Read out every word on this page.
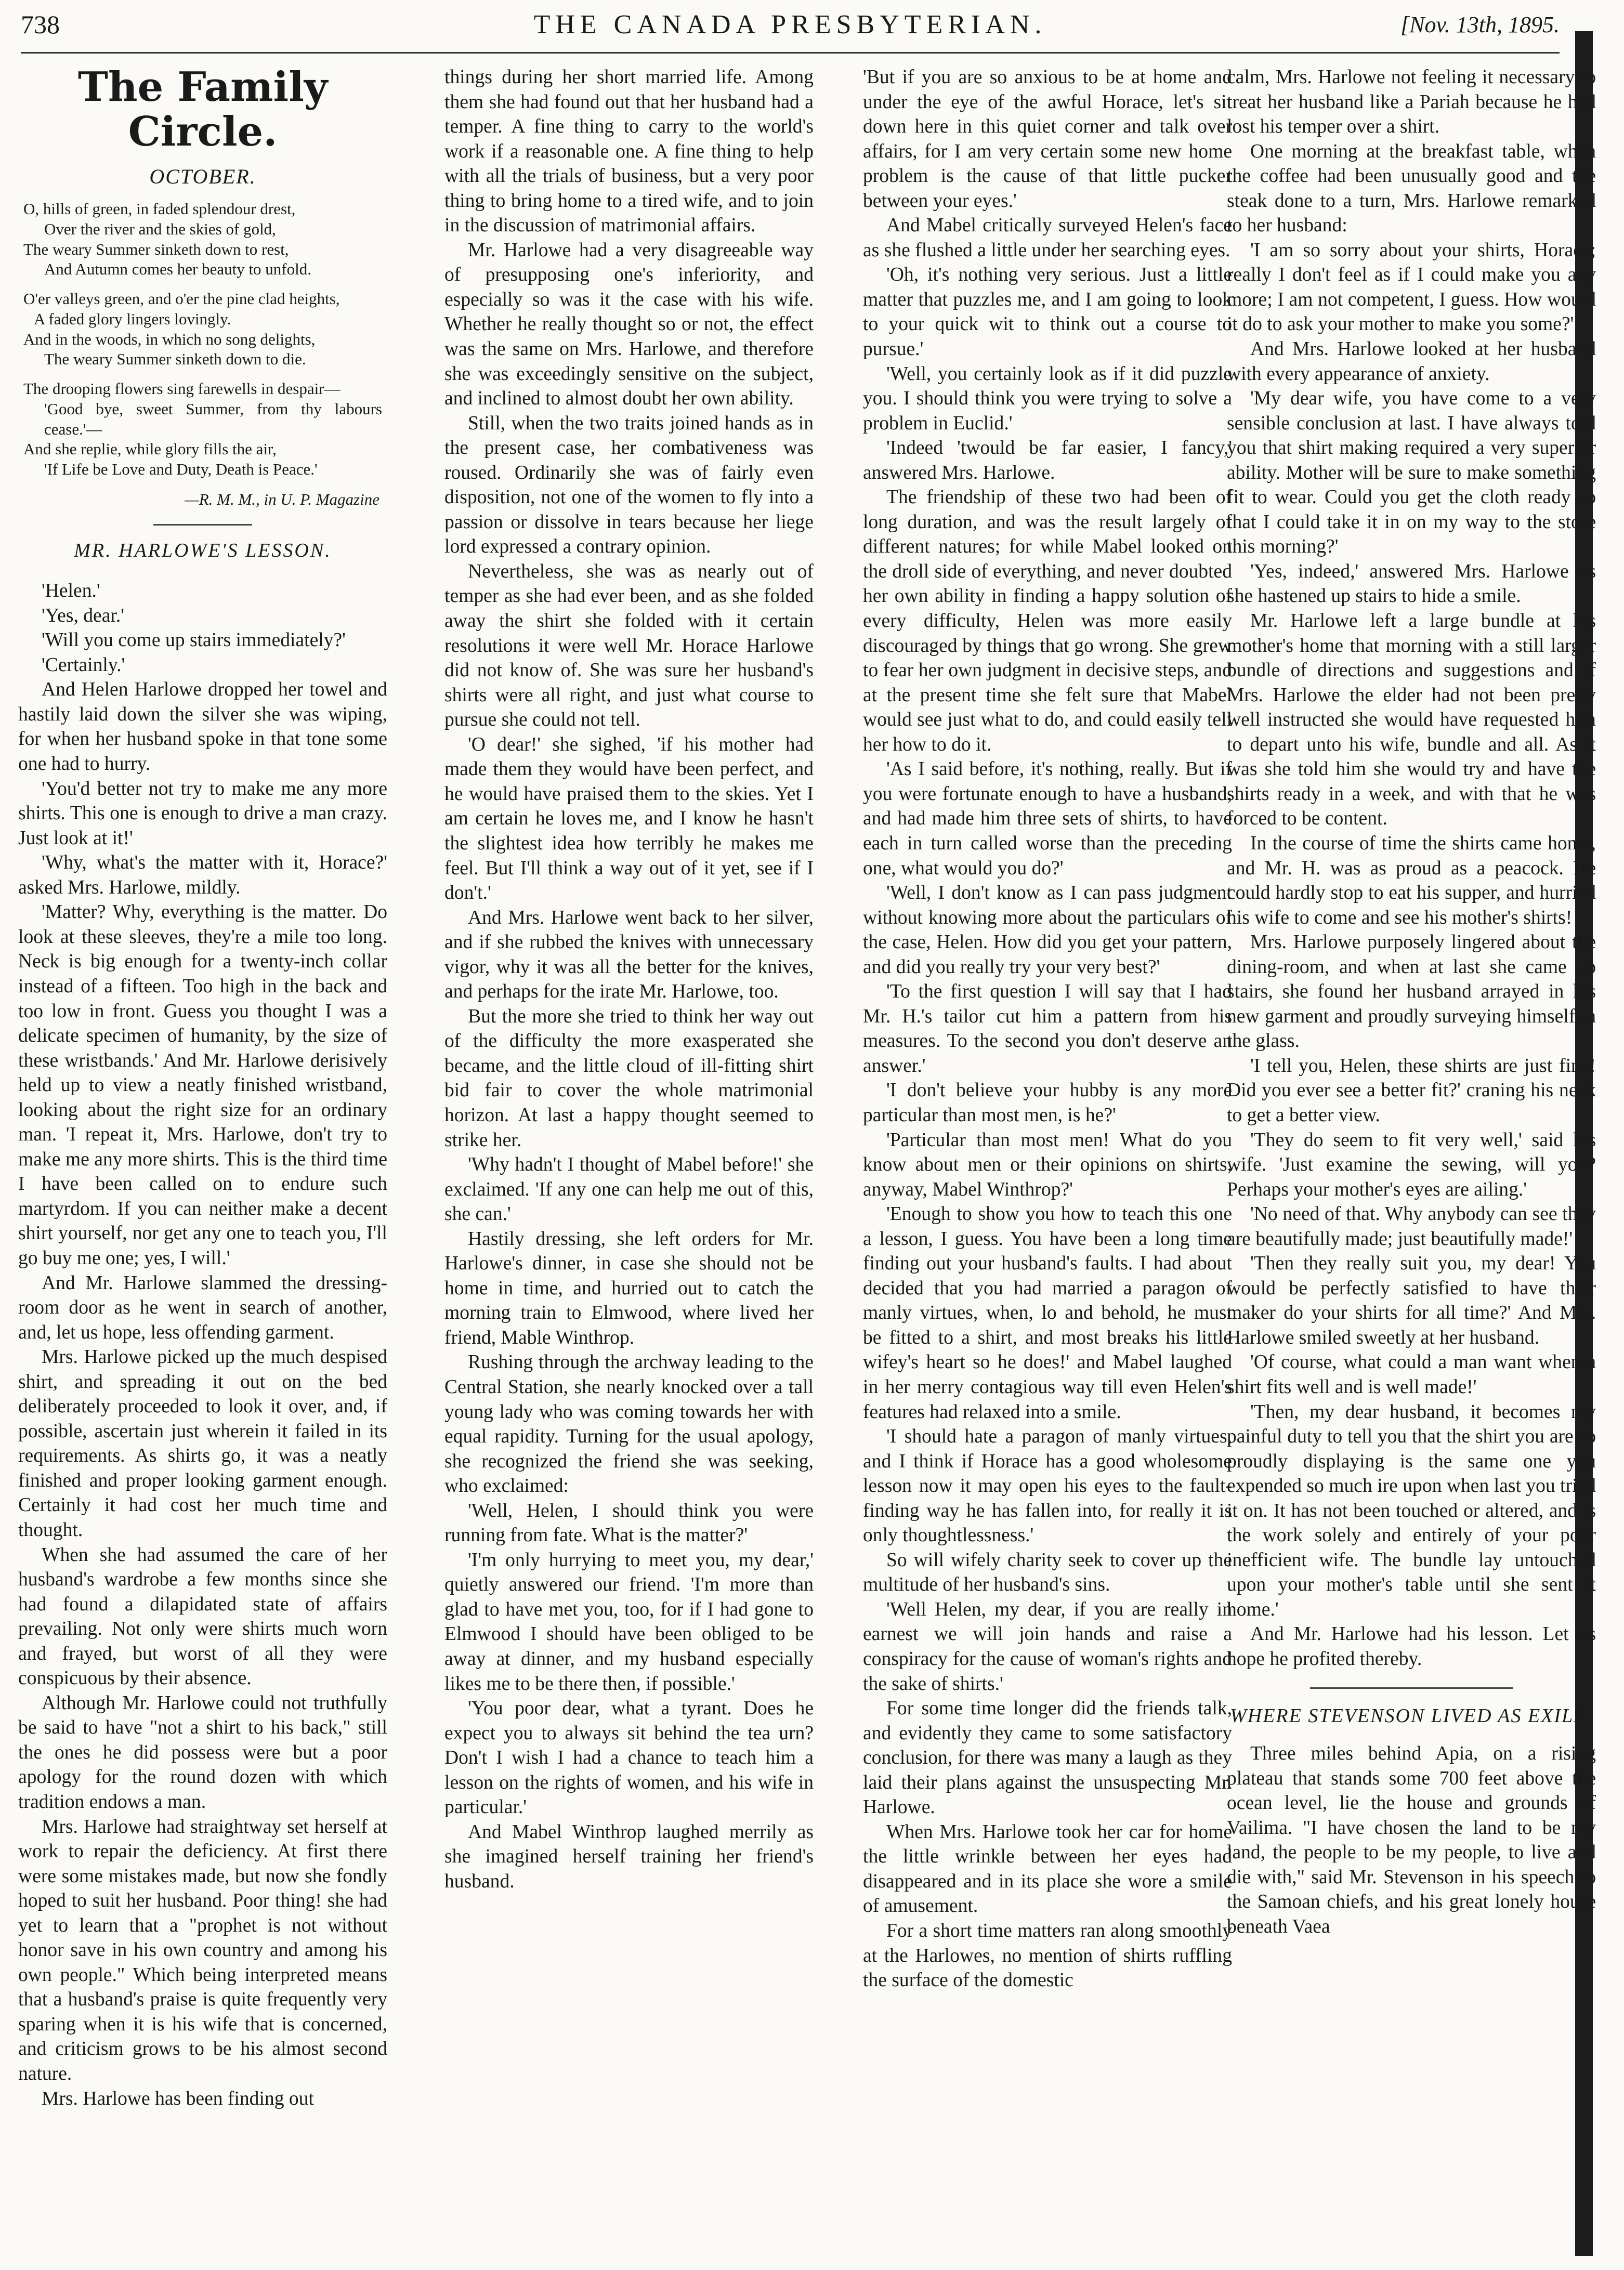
738	THE CANADA PRESBYTERIAN.	[Nov. 13th, 1895.
The Family Circle.
OCTOBER.
O, hills of green, in faded splendour drest,
Over the river and the skies of gold,
The weary Summer sinketh down to rest,
And Autumn comes her beauty to unfold.
O'er valleys green, and o'er the pine clad heights,
A faded glory lingers lovingly.
And in the woods, in which no song delights,
The weary Summer sinketh down to die.
The drooping flowers sing farewells in despair—
'Good bye, sweet Summer, from thy labours cease.'—
And she replie, while glory fills the air,
'If Life be Love and Duty, Death is Peace.'
—R. M. M., in U. P. Magazine
MR. HARLOWE'S LESSON.

'Helen.'

'Yes, dear.'

'Will you come up stairs immediately?'

'Certainly.'

And Helen Harlowe dropped her towel and hastily laid down the silver she was wiping, for when her husband spoke in that tone some one had to hurry.

'You'd better not try to make me any more shirts. This one is enough to drive a man crazy. Just look at it!'

'Why, what's the matter with it, Horace?' asked Mrs. Harlowe, mildly.

'Matter? Why, everything is the matter. Do look at these sleeves, they're a mile too long. Neck is big enough for a twenty-inch collar instead of a fifteen. Too high in the back and too low in front. Guess you thought I was a delicate specimen of humanity, by the size of these wristbands.' And Mr. Harlowe derisively held up to view a neatly finished wristband, looking about the right size for an ordinary man. 'I repeat it, Mrs. Harlowe, don't try to make me any more shirts. This is the third time I have been called on to endure such martyrdom. If you can neither make a decent shirt yourself, nor get any one to teach you, I'll go buy me one; yes, I will.'

And Mr. Harlowe slammed the dressing-room door as he went in search of another, and, let us hope, less offending garment.

Mrs. Harlowe picked up the much despised shirt, and spreading it out on the bed deliberately proceeded to look it over, and, if possible, ascertain just wherein it failed in its requirements. As shirts go, it was a neatly finished and proper looking garment enough. Certainly it had cost her much time and thought.

When she had assumed the care of her husband's wardrobe a few months since she had found a dilapidated state of affairs prevailing. Not only were shirts much worn and frayed, but worst of all they were conspicuous by their absence.

Although Mr. Harlowe could not truthfully be said to have "not a shirt to his back," still the ones he did possess were but a poor apology for the round dozen with which tradition endows a man.

Mrs. Harlowe had straightway set herself at work to repair the deficiency. At first there were some mistakes made, but now she fondly hoped to suit her husband. Poor thing! she had yet to learn that a "prophet is not without honor save in his own country and among his own people." Which being interpreted means that a husband's praise is quite frequently very sparing when it is his wife that is concerned, and criticism grows to be his almost second nature.

Mrs. Harlowe has been finding out

things during her short married life. Among them she had found out that her husband had a temper. A fine thing to carry to the world's work if a reasonable one. A fine thing to help with all the trials of business, but a very poor thing to bring home to a tired wife, and to join in the discussion of matrimonial affairs.

Mr. Harlowe had a very disagreeable way of presupposing one's inferiority, and especially so was it the case with his wife. Whether he really thought so or not, the effect was the same on Mrs. Harlowe, and therefore she was exceedingly sensitive on the subject, and inclined to almost doubt her own ability.

Still, when the two traits joined hands as in the present case, her combativeness was roused. Ordinarily she was of fairly even disposition, not one of the women to fly into a passion or dissolve in tears because her liege lord expressed a contrary opinion.

Nevertheless, she was as nearly out of temper as she had ever been, and as she folded away the shirt she folded with it certain resolutions it were well Mr. Horace Harlowe did not know of. She was sure her husband's shirts were all right, and just what course to pursue she could not tell.

'O dear!' she sighed, 'if his mother had made them they would have been perfect, and he would have praised them to the skies. Yet I am certain he loves me, and I know he hasn't the slightest idea how terribly he makes me feel. But I'll think a way out of it yet, see if I don't.'

And Mrs. Harlowe went back to her silver, and if she rubbed the knives with unnecessary vigor, why it was all the better for the knives, and perhaps for the irate Mr. Harlowe, too.

But the more she tried to think her way out of the difficulty the more exasperated she became, and the little cloud of ill-fitting shirt bid fair to cover the whole matrimonial horizon. At last a happy thought seemed to strike her.

'Why hadn't I thought of Mabel before!' she exclaimed. 'If any one can help me out of this, she can.'

Hastily dressing, she left orders for Mr. Harlowe's dinner, in case she should not be home in time, and hurried out to catch the morning train to Elmwood, where lived her friend, Mable Winthrop.

Rushing through the archway leading to the Central Station, she nearly knocked over a tall young lady who was coming towards her with equal rapidity. Turning for the usual apology, she recognized the friend she was seeking, who exclaimed:

'Well, Helen, I should think you were running from fate. What is the matter?'

'I'm only hurrying to meet you, my dear,' quietly answered our friend. 'I'm more than glad to have met you, too, for if I had gone to Elmwood I should have been obliged to be away at dinner, and my husband especially likes me to be there then, if possible.'

'You poor dear, what a tyrant. Does he expect you to always sit behind the tea urn? Don't I wish I had a chance to teach him a lesson on the rights of women, and his wife in particular.'

And Mabel Winthrop laughed merrily as she imagined herself training her friend's husband.

'But if you are so anxious to be at home and under the eye of the awful Horace, let's sit down here in this quiet corner and talk over affairs, for I am very certain some new home problem is the cause of that little pucker between your eyes.'

And Mabel critically surveyed Helen's face as she flushed a little under her searching eyes.

'Oh, it's nothing very serious. Just a little matter that puzzles me, and I am going to look to your quick wit to think out a course to pursue.'

'Well, you certainly look as if it did puzzle you. I should think you were trying to solve a problem in Euclid.'

'Indeed 'twould be far easier, I fancy,' answered Mrs. Harlowe.

The friendship of these two had been of long duration, and was the result largely of different natures; for while Mabel looked on the droll side of everything, and never doubted her own ability in finding a happy solution of every difficulty, Helen was more easily discouraged by things that go wrong. She grew to fear her own judgment in decisive steps, and at the present time she felt sure that Mabel would see just what to do, and could easily tell her how to do it.

'As I said before, it's nothing, really. But if you were fortunate enough to have a husband, and had made him three sets of shirts, to have each in turn called worse than the preceding one, what would you do?'

'Well, I don't know as I can pass judgment without knowing more about the particulars of the case, Helen. How did you get your pattern, and did you really try your very best?'

'To the first question I will say that I had Mr. H.'s tailor cut him a pattern from his measures. To the second you don't deserve an answer.'

'I don't believe your hubby is any more particular than most men, is he?'

'Particular than most men! What do you know about men or their opinions on shirts, anyway, Mabel Winthrop?'

'Enough to show you how to teach this one a lesson, I guess. You have been a long time finding out your husband's faults. I had about decided that you had married a paragon of manly virtues, when, lo and behold, he must be fitted to a shirt, and most breaks his little wifey's heart so he does!' and Mabel laughed in her merry contagious way till even Helen's features had relaxed into a smile.

'I should hate a paragon of manly virtues, and I think if Horace has a good wholesome lesson now it may open his eyes to the fault-finding way he has fallen into, for really it is only thoughtlessness.'

So will wifely charity seek to cover up the multitude of her husband's sins.

'Well Helen, my dear, if you are really in earnest we will join hands and raise a conspiracy for the cause of woman's rights and the sake of shirts.'

For some time longer did the friends talk, and evidently they came to some satisfactory conclusion, for there was many a laugh as they laid their plans against the unsuspecting Mr. Harlowe.

When Mrs. Harlowe took her car for home the little wrinkle between her eyes had disappeared and in its place she wore a smile of amusement.

For a short time matters ran along smoothly at the Harlowes, no mention of shirts ruffling the surface of the domestic

calm, Mrs. Harlowe not feeling it necessary to treat her husband like a Pariah because he had lost his temper over a shirt.

One morning at the breakfast table, when the coffee had been unusually good and the steak done to a turn, Mrs. Harlowe remarked to her husband:

'I am so sorry about your shirts, Horace; really I don't feel as if I could make you any more; I am not competent, I guess. How would it do to ask your mother to make you some?'

And Mrs. Harlowe looked at her husband with every appearance of anxiety.

'My dear wife, you have come to a very sensible conclusion at last. I have always told you that shirt making required a very superior ability. Mother will be sure to make something fit to wear. Could you get the cloth ready so that I could take it in on my way to the store this morning?'

'Yes, indeed,' answered Mrs. Harlowe as she hastened up stairs to hide a smile.

Mr. Harlowe left a large bundle at his mother's home that morning with a still larger bundle of directions and suggestions and if Mrs. Harlowe the elder had not been pretty well instructed she would have requested him to depart unto his wife, bundle and all. As it was she told him she would try and have the shirts ready in a week, and with that he was forced to be content.

In the course of time the shirts came home, and Mr. H. was as proud as a peacock. He could hardly stop to eat his supper, and hurried his wife to come and see his mother's shirts!

Mrs. Harlowe purposely lingered about the dining-room, and when at last she came up stairs, she found her husband arrayed in his new garment and proudly surveying himself in the glass.

'I tell you, Helen, these shirts are just fine! Did you ever see a better fit?' craning his neck to get a better view.

'They do seem to fit very well,' said his wife. 'Just examine the sewing, will you? Perhaps your mother's eyes are ailing.'

'No need of that. Why anybody can see they are beautifully made; just beautifully made!'

'Then they really suit you, my dear! You would be perfectly satisfied to have their maker do your shirts for all time?' And Mrs. Harlowe smiled sweetly at her husband.

'Of course, what could a man want when a shirt fits well and is well made!'

'Then, my dear husband, it becomes my painful duty to tell you that the shirt you are so proudly displaying is the same one you expended so much ire upon when last you tried it on. It has not been touched or altered, and is the work solely and entirely of your poor inefficient wife. The bundle lay untouched upon your mother's table until she sent it home.'

And Mr. Harlowe had his lesson. Let us hope he profited thereby.

WHERE STEVENSON LIVED AS EXILE.

Three miles behind Apia, on a rising plateau that stands some 700 feet above the ocean level, lie the house and grounds of Vailima. "I have chosen the land to be my land, the people to be my people, to live and die with," said Mr. Stevenson in his speech to the Samoan chiefs, and his great lonely house beneath Vaea
